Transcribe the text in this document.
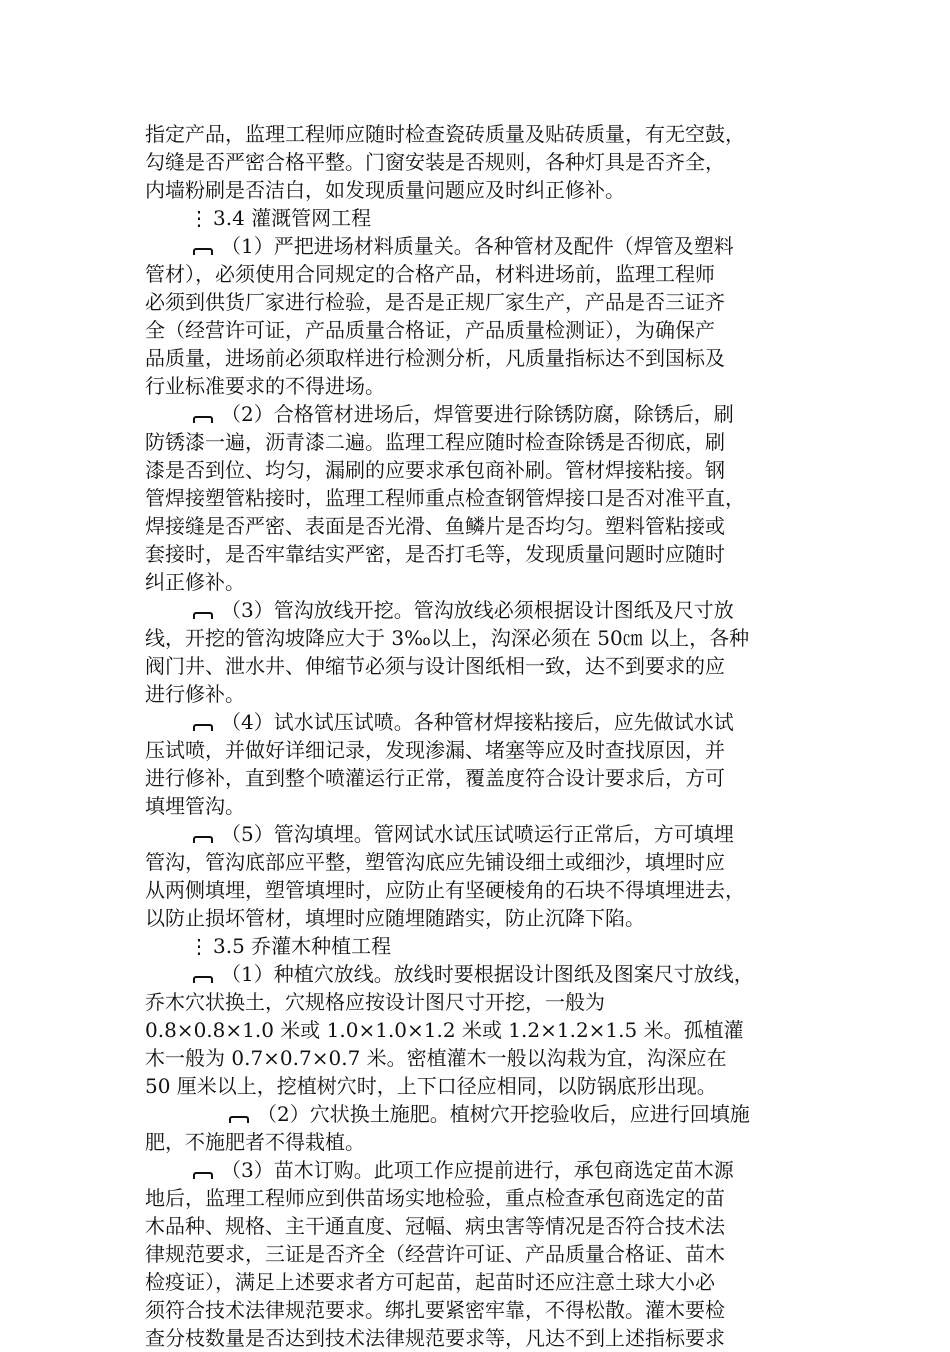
指定产品，监理工程师应随时检查瓷砖质量及贴砖质量，有无空鼓，
勾缝是否严密合格平整。门窗安装是否规则，各种灯具是否齐全，
内墙粉刷是否洁白，如发现质量问题应及时纠正修补。
⋮ 3.4 灌溉管网工程
（1）严把进场材料质量关。各种管材及配件（焊管及塑料
管材），必须使用合同规定的合格产品，材料进场前，监理工程师
必须到供货厂家进行检验，是否是正规厂家生产，产品是否三证齐
全（经营许可证，产品质量合格证，产品质量检测证），为确保产
品质量，进场前必须取样进行检测分析，凡质量指标达不到国标及
行业标准要求的不得进场。
（2）合格管材进场后，焊管要进行除锈防腐，除锈后，刷
防锈漆一遍，沥青漆二遍。监理工程应随时检查除锈是否彻底，刷
漆是否到位、均匀，漏刷的应要求承包商补刷。管材焊接粘接。钢
管焊接塑管粘接时，监理工程师重点检查钢管焊接口是否对准平直，
焊接缝是否严密、表面是否光滑、鱼鳞片是否均匀。塑料管粘接或
套接时，是否牢靠结实严密，是否打毛等，发现质量问题时应随时
纠正修补。
（3）管沟放线开挖。管沟放线必须根据设计图纸及尺寸放
线，开挖的管沟坡降应大于 3‰以上，沟深必须在 50㎝ 以上，各种
阀门井、泄水井、伸缩节必须与设计图纸相一致，达不到要求的应
进行修补。
（4）试水试压试喷。各种管材焊接粘接后，应先做试水试
压试喷，并做好详细记录，发现渗漏、堵塞等应及时查找原因，并
进行修补，直到整个喷灌运行正常，覆盖度符合设计要求后，方可
填埋管沟。
（5）管沟填埋。管网试水试压试喷运行正常后，方可填埋
管沟，管沟底部应平整，塑管沟底应先铺设细土或细沙，填埋时应
从两侧填埋，塑管填埋时，应防止有坚硬棱角的石块不得填埋进去，
以防止损坏管材，填埋时应随埋随踏实，防止沉降下陷。
⋮ 3.5 乔灌木种植工程
（1）种植穴放线。放线时要根据设计图纸及图案尺寸放线，
乔木穴状换土，穴规格应按设计图尺寸开挖，一般为
0.8×0.8×1.0 米或 1.0×1.0×1.2 米或 1.2×1.2×1.5 米。孤植灌
木一般为 0.7×0.7×0.7 米。密植灌木一般以沟栽为宜，沟深应在
50 厘米以上，挖植树穴时，上下口径应相同，以防锅底形出现。
（2）穴状换土施肥。植树穴开挖验收后，应进行回填施
肥，不施肥者不得栽植。
（3）苗木订购。此项工作应提前进行，承包商选定苗木源
地后，监理工程师应到供苗场实地检验，重点检查承包商选定的苗
木品种、规格、主干通直度、冠幅、病虫害等情况是否符合技术法
律规范要求，三证是否齐全（经营许可证、产品质量合格证、苗木
检疫证），满足上述要求者方可起苗，起苗时还应注意土球大小必
须符合技术法律规范要求。绑扎要紧密牢靠，不得松散。灌木要检
查分枝数量是否达到技术法律规范要求等，凡达不到上述指标要求
